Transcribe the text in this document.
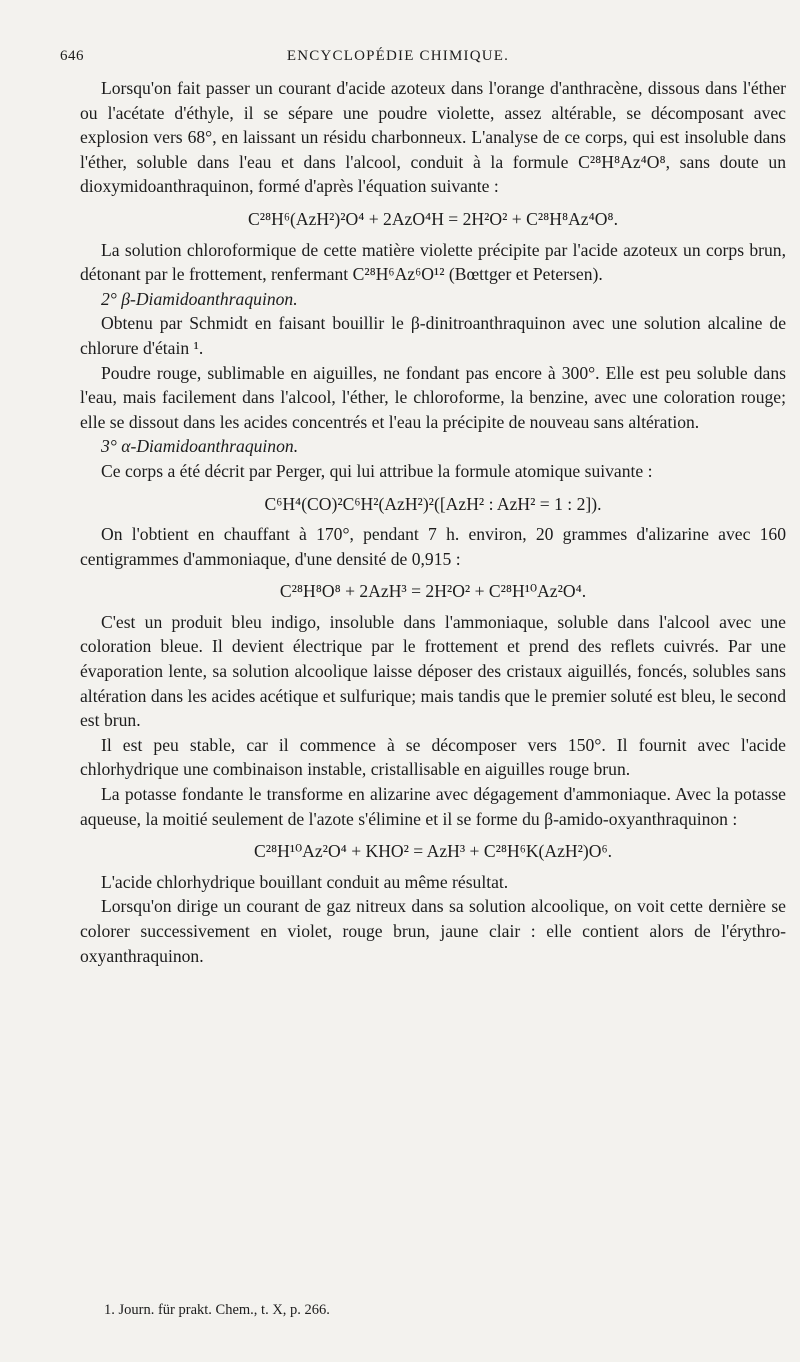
646	ENCYCLOPÉDIE CHIMIQUE.

Lorsqu'on fait passer un courant d'acide azoteux dans l'orange d'anthracène, dissous dans l'éther ou l'acétate d'éthyle, il se sépare une poudre violette, assez altérable, se décomposant avec explosion vers 68°, en laissant un résidu charbonneux. L'analyse de ce corps, qui est insoluble dans l'éther, soluble dans l'eau et dans l'alcool, conduit à la formule C²⁸H⁸Az⁴O⁸, sans doute un dioxymidoanthraquinon, formé d'après l'équation suivante :

C²⁸H⁶(AzH²)²O⁴ + 2AzO⁴H = 2H²O² + C²⁸H⁸Az⁴O⁸.

La solution chloroformique de cette matière violette précipite par l'acide azoteux un corps brun, détonant par le frottement, renfermant C²⁸H⁶Az⁶O¹² (Bœttger et Petersen).

2° β-Diamidoanthraquinon.

Obtenu par Schmidt en faisant bouillir le β-dinitroanthraquinon avec une solution alcaline de chlorure d'étain ¹.

Poudre rouge, sublimable en aiguilles, ne fondant pas encore à 300°. Elle est peu soluble dans l'eau, mais facilement dans l'alcool, l'éther, le chloroforme, la benzine, avec une coloration rouge; elle se dissout dans les acides concentrés et l'eau la précipite de nouveau sans altération.

3° α-Diamidoanthraquinon.

Ce corps a été décrit par Perger, qui lui attribue la formule atomique suivante :

C⁶H⁴(CO)²C⁶H²(AzH²)²([AzH² : AzH² = 1 : 2]).

On l'obtient en chauffant à 170°, pendant 7 h. environ, 20 grammes d'alizarine avec 160 centigrammes d'ammoniaque, d'une densité de 0,915 :

C²⁸H⁸O⁸ + 2AzH³ = 2H²O² + C²⁸H¹⁰Az²O⁴.

C'est un produit bleu indigo, insoluble dans l'ammoniaque, soluble dans l'alcool avec une coloration bleue. Il devient électrique par le frottement et prend des reflets cuivrés. Par une évaporation lente, sa solution alcoolique laisse déposer des cristaux aiguillés, foncés, solubles sans altération dans les acides acétique et sulfurique; mais tandis que le premier soluté est bleu, le second est brun.

Il est peu stable, car il commence à se décomposer vers 150°. Il fournit avec l'acide chlorhydrique une combinaison instable, cristallisable en aiguilles rouge brun.

La potasse fondante le transforme en alizarine avec dégagement d'ammoniaque. Avec la potasse aqueuse, la moitié seulement de l'azote s'élimine et il se forme du β-amido-oxyanthraquinon :

C²⁸H¹⁰Az²O⁴ + KHO² = AzH³ + C²⁸H⁶K(AzH²)O⁶.

L'acide chlorhydrique bouillant conduit au même résultat.

Lorsqu'on dirige un courant de gaz nitreux dans sa solution alcoolique, on voit cette dernière se colorer successivement en violet, rouge brun, jaune clair : elle contient alors de l'érythro-oxyanthraquinon.

1. Journ. für prakt. Chem., t. X, p. 266.
